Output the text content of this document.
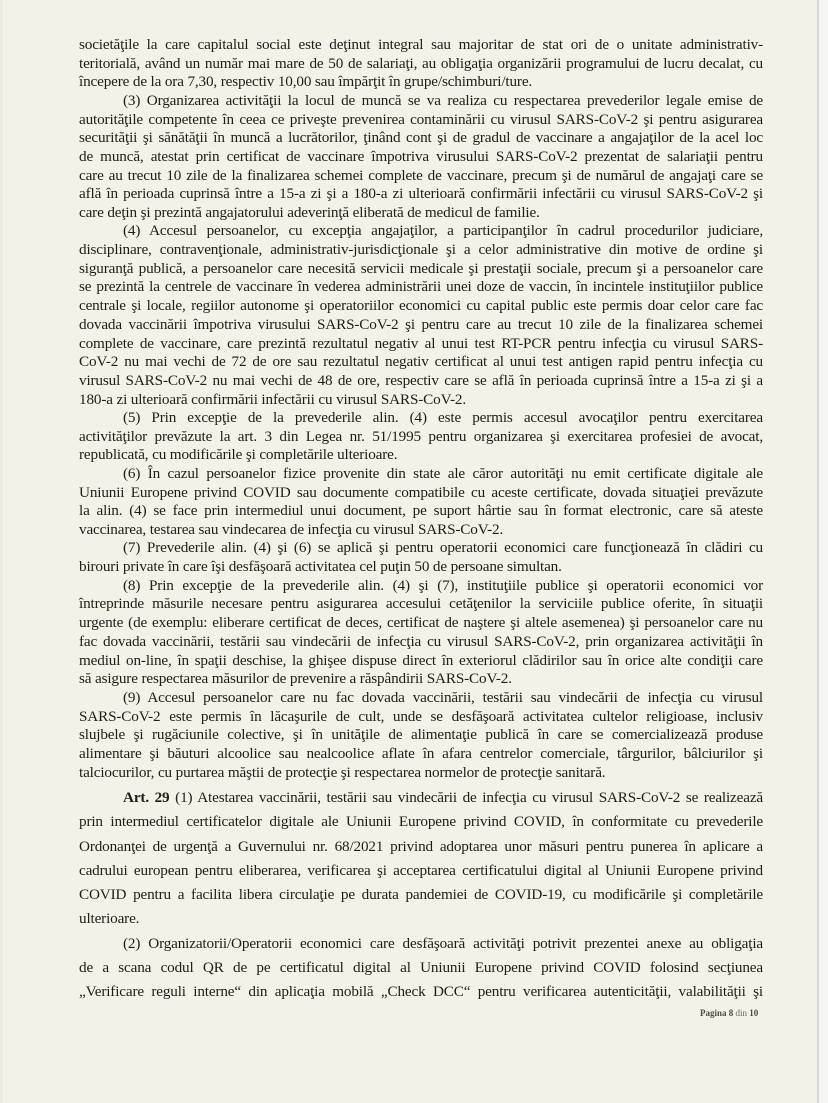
societăţile la care capitalul social este deţinut integral sau majoritar de stat ori de o unitate administrativ-
teritorială, având un număr mai mare de 50 de salariaţi, au obligaţia organizării programului de lucru decalat, cu
începere de la ora 7,30, respectiv 10,00 sau împărţit în grupe/schimburi/ture.
(3) Organizarea activităţii la locul de muncă se va realiza cu respectarea prevederilor legale emise de
autorităţile competente în ceea ce priveşte prevenirea contaminării cu virusul SARS-CoV-2 şi pentru asigurarea
securităţii şi sănătăţii în muncă a lucrătorilor, ţinând cont şi de gradul de vaccinare a angajaţilor de la acel loc
de muncă, atestat prin certificat de vaccinare împotriva virusului SARS-CoV-2 prezentat de salariaţii pentru
care au trecut 10 zile de la finalizarea schemei complete de vaccinare, precum şi de numărul de angajaţi care se
află în perioada cuprinsă între a 15-a zi şi a 180-a zi ulterioară confirmării infectării cu virusul SARS-CoV-2 şi
care deţin şi prezintă angajatorului adeverinţă eliberată de medicul de familie.
(4) Accesul persoanelor, cu excepţia angajaţilor, a participanţilor în cadrul procedurilor judiciare,
disciplinare, contravenţionale, administrativ-jurisdicţionale şi a celor administrative din motive de ordine şi
siguranţă publică, a persoanelor care necesită servicii medicale şi prestaţii sociale, precum şi a persoanelor care
se prezintă la centrele de vaccinare în vederea administrării unei doze de vaccin, în incintele instituţiilor publice
centrale şi locale, regiilor autonome şi operatoriilor economici cu capital public este permis doar celor care fac
dovada vaccinării împotriva virusului SARS-CoV-2 şi pentru care au trecut 10 zile de la finalizarea schemei
complete de vaccinare, care prezintă rezultatul negativ al unui test RT-PCR pentru infecţia cu virusul SARS-
CoV-2 nu mai vechi de 72 de ore sau rezultatul negativ certificat al unui test antigen rapid pentru infecţia cu
virusul SARS-CoV-2 nu mai vechi de 48 de ore, respectiv care se află în perioada cuprinsă între a 15-a zi şi a
180-a zi ulterioară confirmării infectării cu virusul SARS-CoV-2.
(5) Prin excepţie de la prevederile alin. (4) este permis accesul avocaţilor pentru exercitarea
activităţilor prevăzute la art. 3 din Legea nr. 51/1995 pentru organizarea şi exercitarea profesiei de avocat,
republicată, cu modificările şi completările ulterioare.
(6) În cazul persoanelor fizice provenite din state ale căror autorităţi nu emit certificate digitale ale
Uniunii Europene privind COVID sau documente compatibile cu aceste certificate, dovada situaţiei prevăzute
la alin. (4) se face prin intermediul unui document, pe suport hârtie sau în format electronic, care să ateste
vaccinarea, testarea sau vindecarea de infecţia cu virusul SARS-CoV-2.
(7) Prevederile alin. (4) şi (6) se aplică şi pentru operatorii economici care funcţionează în clădiri cu
birouri private în care îşi desfăşoară activitatea cel puţin 50 de persoane simultan.
(8) Prin excepţie de la prevederile alin. (4) şi (7), instituţiile publice şi operatorii economici vor
întreprinde măsurile necesare pentru asigurarea accesului cetăţenilor la serviciile publice oferite, în situaţii
urgente (de exemplu: eliberare certificat de deces, certificat de naştere şi altele asemenea) şi persoanelor care nu
fac dovada vaccinării, testării sau vindecării de infecţia cu virusul SARS-CoV-2, prin organizarea activităţii în
mediul on-line, în spaţii deschise, la ghişee dispuse direct în exteriorul clădirilor sau în orice alte condiţii care
să asigure respectarea măsurilor de prevenire a răspândirii SARS-CoV-2.
(9) Accesul persoanelor care nu fac dovada vaccinării, testării sau vindecării de infecţia cu virusul
SARS-CoV-2 este permis în lăcaşurile de cult, unde se desfăşoară activitatea cultelor religioase, inclusiv
slujbele şi rugăciunile colective, şi în unităţile de alimentaţie publică în care se comercializează produse
alimentare şi băuturi alcoolice sau nealcoolice aflate în afara centrelor comerciale, târgurilor, bâlciurilor şi
talciocurilor, cu purtarea măştii de protecţie şi respectarea normelor de protecţie sanitară.
Art. 29 (1) Atestarea vaccinării, testării sau vindecării de infecţia cu virusul SARS-CoV-2 se realizează
prin intermediul certificatelor digitale ale Uniunii Europene privind COVID, în conformitate cu prevederile
Ordonanţei de urgenţă a Guvernului nr. 68/2021 privind adoptarea unor măsuri pentru punerea în aplicare a
cadrului european pentru eliberarea, verificarea şi acceptarea certificatului digital al Uniunii Europene privind
COVID pentru a facilita libera circulaţie pe durata pandemiei de COVID-19, cu modificările şi completările
ulterioare.
(2) Organizatorii/Operatorii economici care desfăşoară activităţi potrivit prezentei anexe au obligaţia
de a scana codul QR de pe certificatul digital al Uniunii Europene privind COVID folosind secţiunea
„Verificare reguli interne“ din aplicaţia mobilă „Check DCC“ pentru verificarea autenticităţii, valabilităţii şi
Pagina 8 din 10
